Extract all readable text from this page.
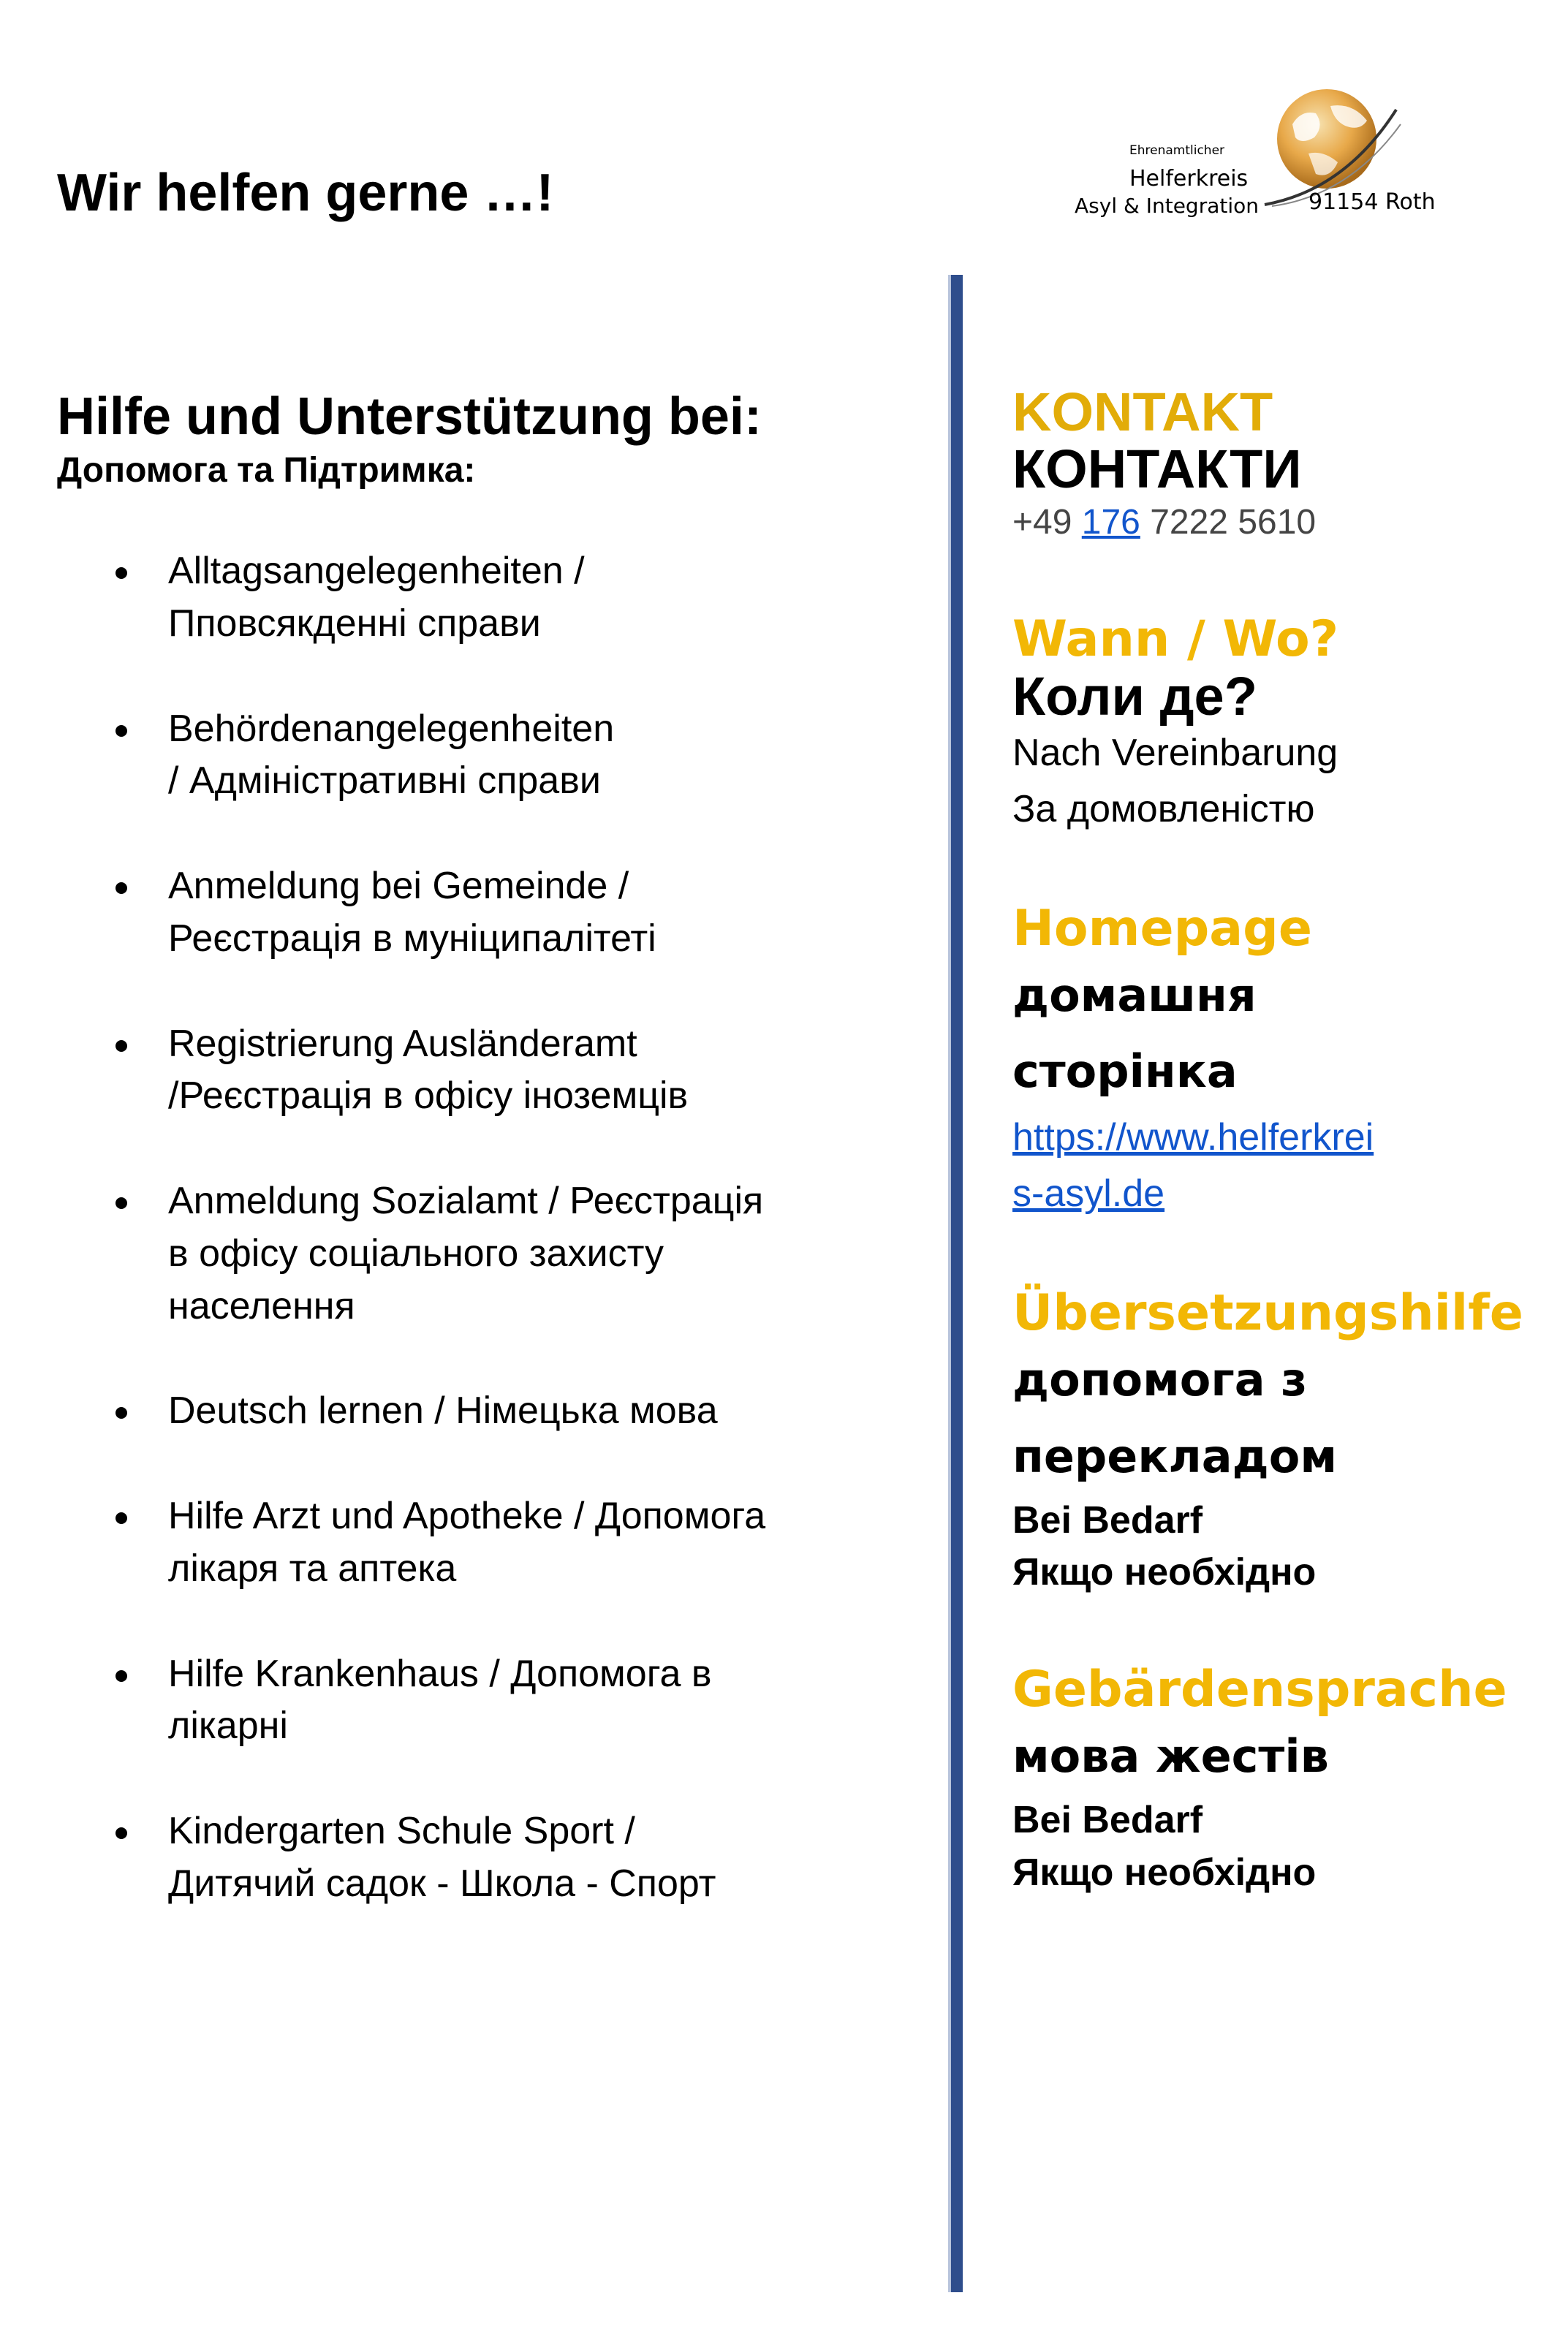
Wir helfen gerne …!
Ehrenamtlicher
Helferkreis
Asyl & Integration 91154 Roth
Hilfe und Unterstützung bei:
Допомога та Підтримка:
Alltagsangelegenheiten /
Пповсякденні справи
Behördenangelegenheiten
/ Адміністративні справи
Anmeldung bei Gemeinde /
Реєстрація в муніципалітеті
Registrierung Ausländeramt
/Реєстрація в офісу іноземців
Anmeldung Sozialamt / Реєстрація
в офісу соціального захисту
населення
Deutsch lernen / Німецька мова
Hilfe Arzt und Apotheke / Допомога
лікаря та аптека
Hilfe Krankenhaus / Допомога в
лікарні
Kindergarten Schule Sport /
Дитячий садок - Школа - Спорт
KONTAKT
КОНТАКТИ
+49 176 7222 5610
Wann / Wo?
Коли де?
Nach Vereinbarung
За домовленістю
Homepage
домашня
сторінка
https://www.helferkrei
s-asyl.de
Übersetzungshilfe
допомога з
перекладом
Bei Bedarf
Якщо необхідно
Gebärdensprache
мова жестів
Bei Bedarf
Якщо необхідно
